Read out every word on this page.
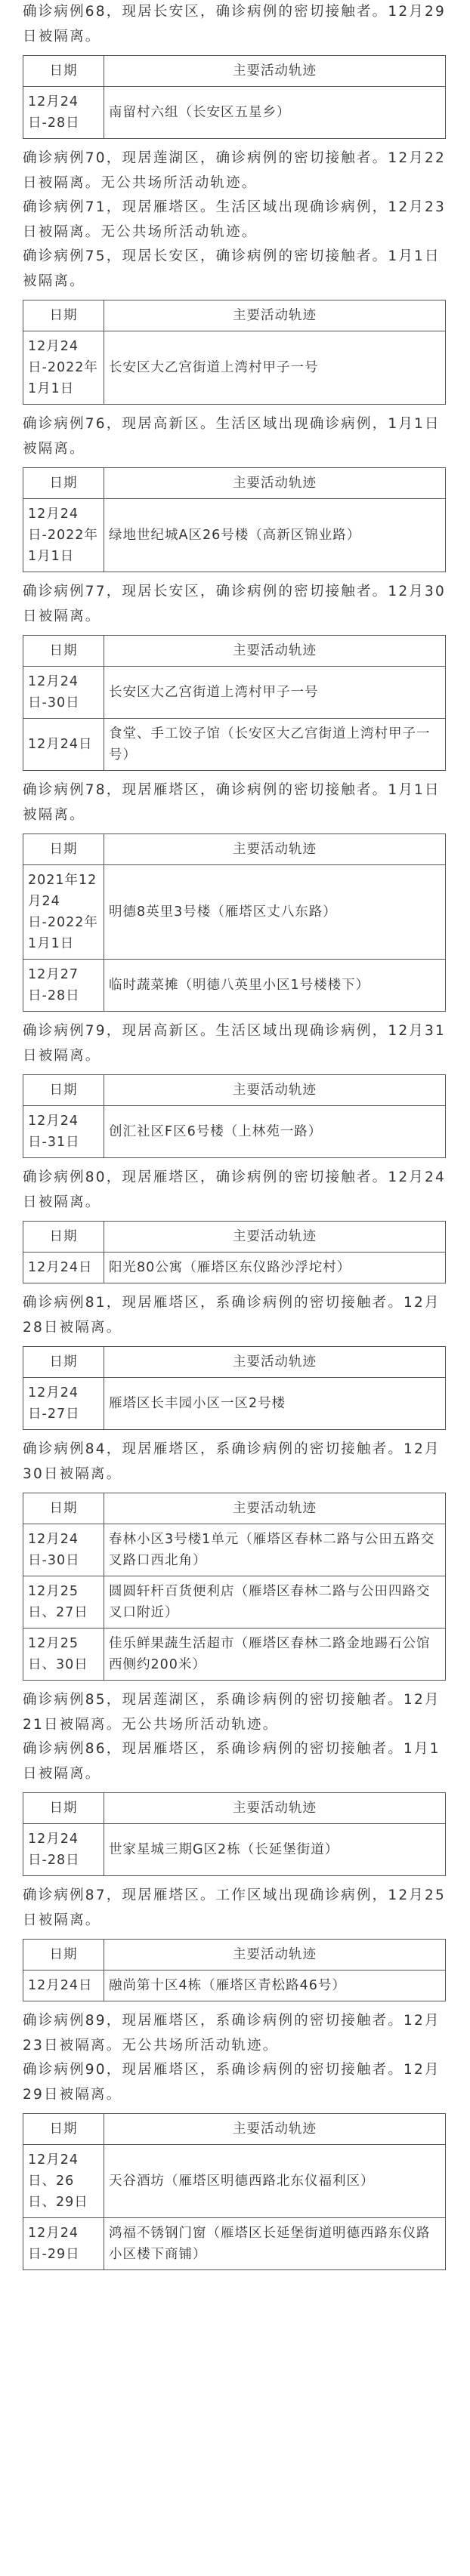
确诊病例68，现居长安区，确诊病例的密切接触者。12月29日被隔离。

日期	主要活动轨迹
12月24日-28日	南留村六组（长安区五星乡）

确诊病例70，现居莲湖区，确诊病例的密切接触者。12月22日被隔离。无公共场所活动轨迹。

确诊病例71，现居雁塔区。生活区域出现确诊病例，12月23日被隔离。无公共场所活动轨迹。

确诊病例75，现居长安区，确诊病例的密切接触者。1月1日被隔离。

日期	主要活动轨迹
12月24日-2022年1月1日	长安区大乙宫街道上湾村甲子一号

确诊病例76，现居高新区。生活区域出现确诊病例，1月1日被隔离。

日期	主要活动轨迹
12月24日-2022年1月1日	绿地世纪城A区26号楼（高新区锦业路）

确诊病例77，现居长安区，确诊病例的密切接触者。12月30日被隔离。

日期	主要活动轨迹
12月24日-30日	长安区大乙宫街道上湾村甲子一号
12月24日	食堂、手工饺子馆（长安区大乙宫街道上湾村甲子一号）

确诊病例78，现居雁塔区，确诊病例的密切接触者。1月1日被隔离。

日期	主要活动轨迹
2021年12月24日-2022年1月1日	明德8英里3号楼（雁塔区丈八东路）
12月27日-28日	临时蔬菜摊（明德八英里小区1号楼楼下）

确诊病例79，现居高新区。生活区域出现确诊病例，12月31日被隔离。

日期	主要活动轨迹
12月24日-31日	创汇社区F区6号楼（上林苑一路）

确诊病例80，现居雁塔区，确诊病例的密切接触者。12月24日被隔离。

日期	主要活动轨迹
12月24日	阳光80公寓（雁塔区东仪路沙浮坨村）

确诊病例81，现居雁塔区，系确诊病例的密切接触者。12月28日被隔离。

日期	主要活动轨迹
12月24日-27日	雁塔区长丰园小区一区2号楼

确诊病例84，现居雁塔区，系确诊病例的密切接触者。12月30日被隔离。

日期	主要活动轨迹
12月24日-30日	春林小区3号楼1单元（雁塔区春林二路与公田五路交叉路口西北角）
12月25日、27日	圆圆轩杆百货便利店（雁塔区春林二路与公田四路交叉口附近）
12月25日、30日	佳乐鲜果蔬生活超市（雁塔区春林二路金地踢石公馆西侧约200米）

确诊病例85，现居莲湖区，系确诊病例的密切接触者。12月21日被隔离。无公共场所活动轨迹。

确诊病例86，现居雁塔区，系确诊病例的密切接触者。1月1日被隔离。

日期	主要活动轨迹
12月24日-28日	世家星城三期G区2栋（长延堡街道）

确诊病例87，现居雁塔区。工作区域出现确诊病例，12月25日被隔离。

日期	主要活动轨迹
12月24日	融尚第十区4栋（雁塔区青松路46号）

确诊病例89，现居雁塔区，系确诊病例的密切接触者。12月23日被隔离。无公共场所活动轨迹。

确诊病例90，现居雁塔区，系确诊病例的密切接触者。12月29日被隔离。

日期	主要活动轨迹
12月24日、26日、29日	天谷酒坊（雁塔区明德西路北东仪福利区）
12月24日-29日	鸿福不锈钢门窗（雁塔区长延堡街道明德西路东仪路小区楼下商铺）
